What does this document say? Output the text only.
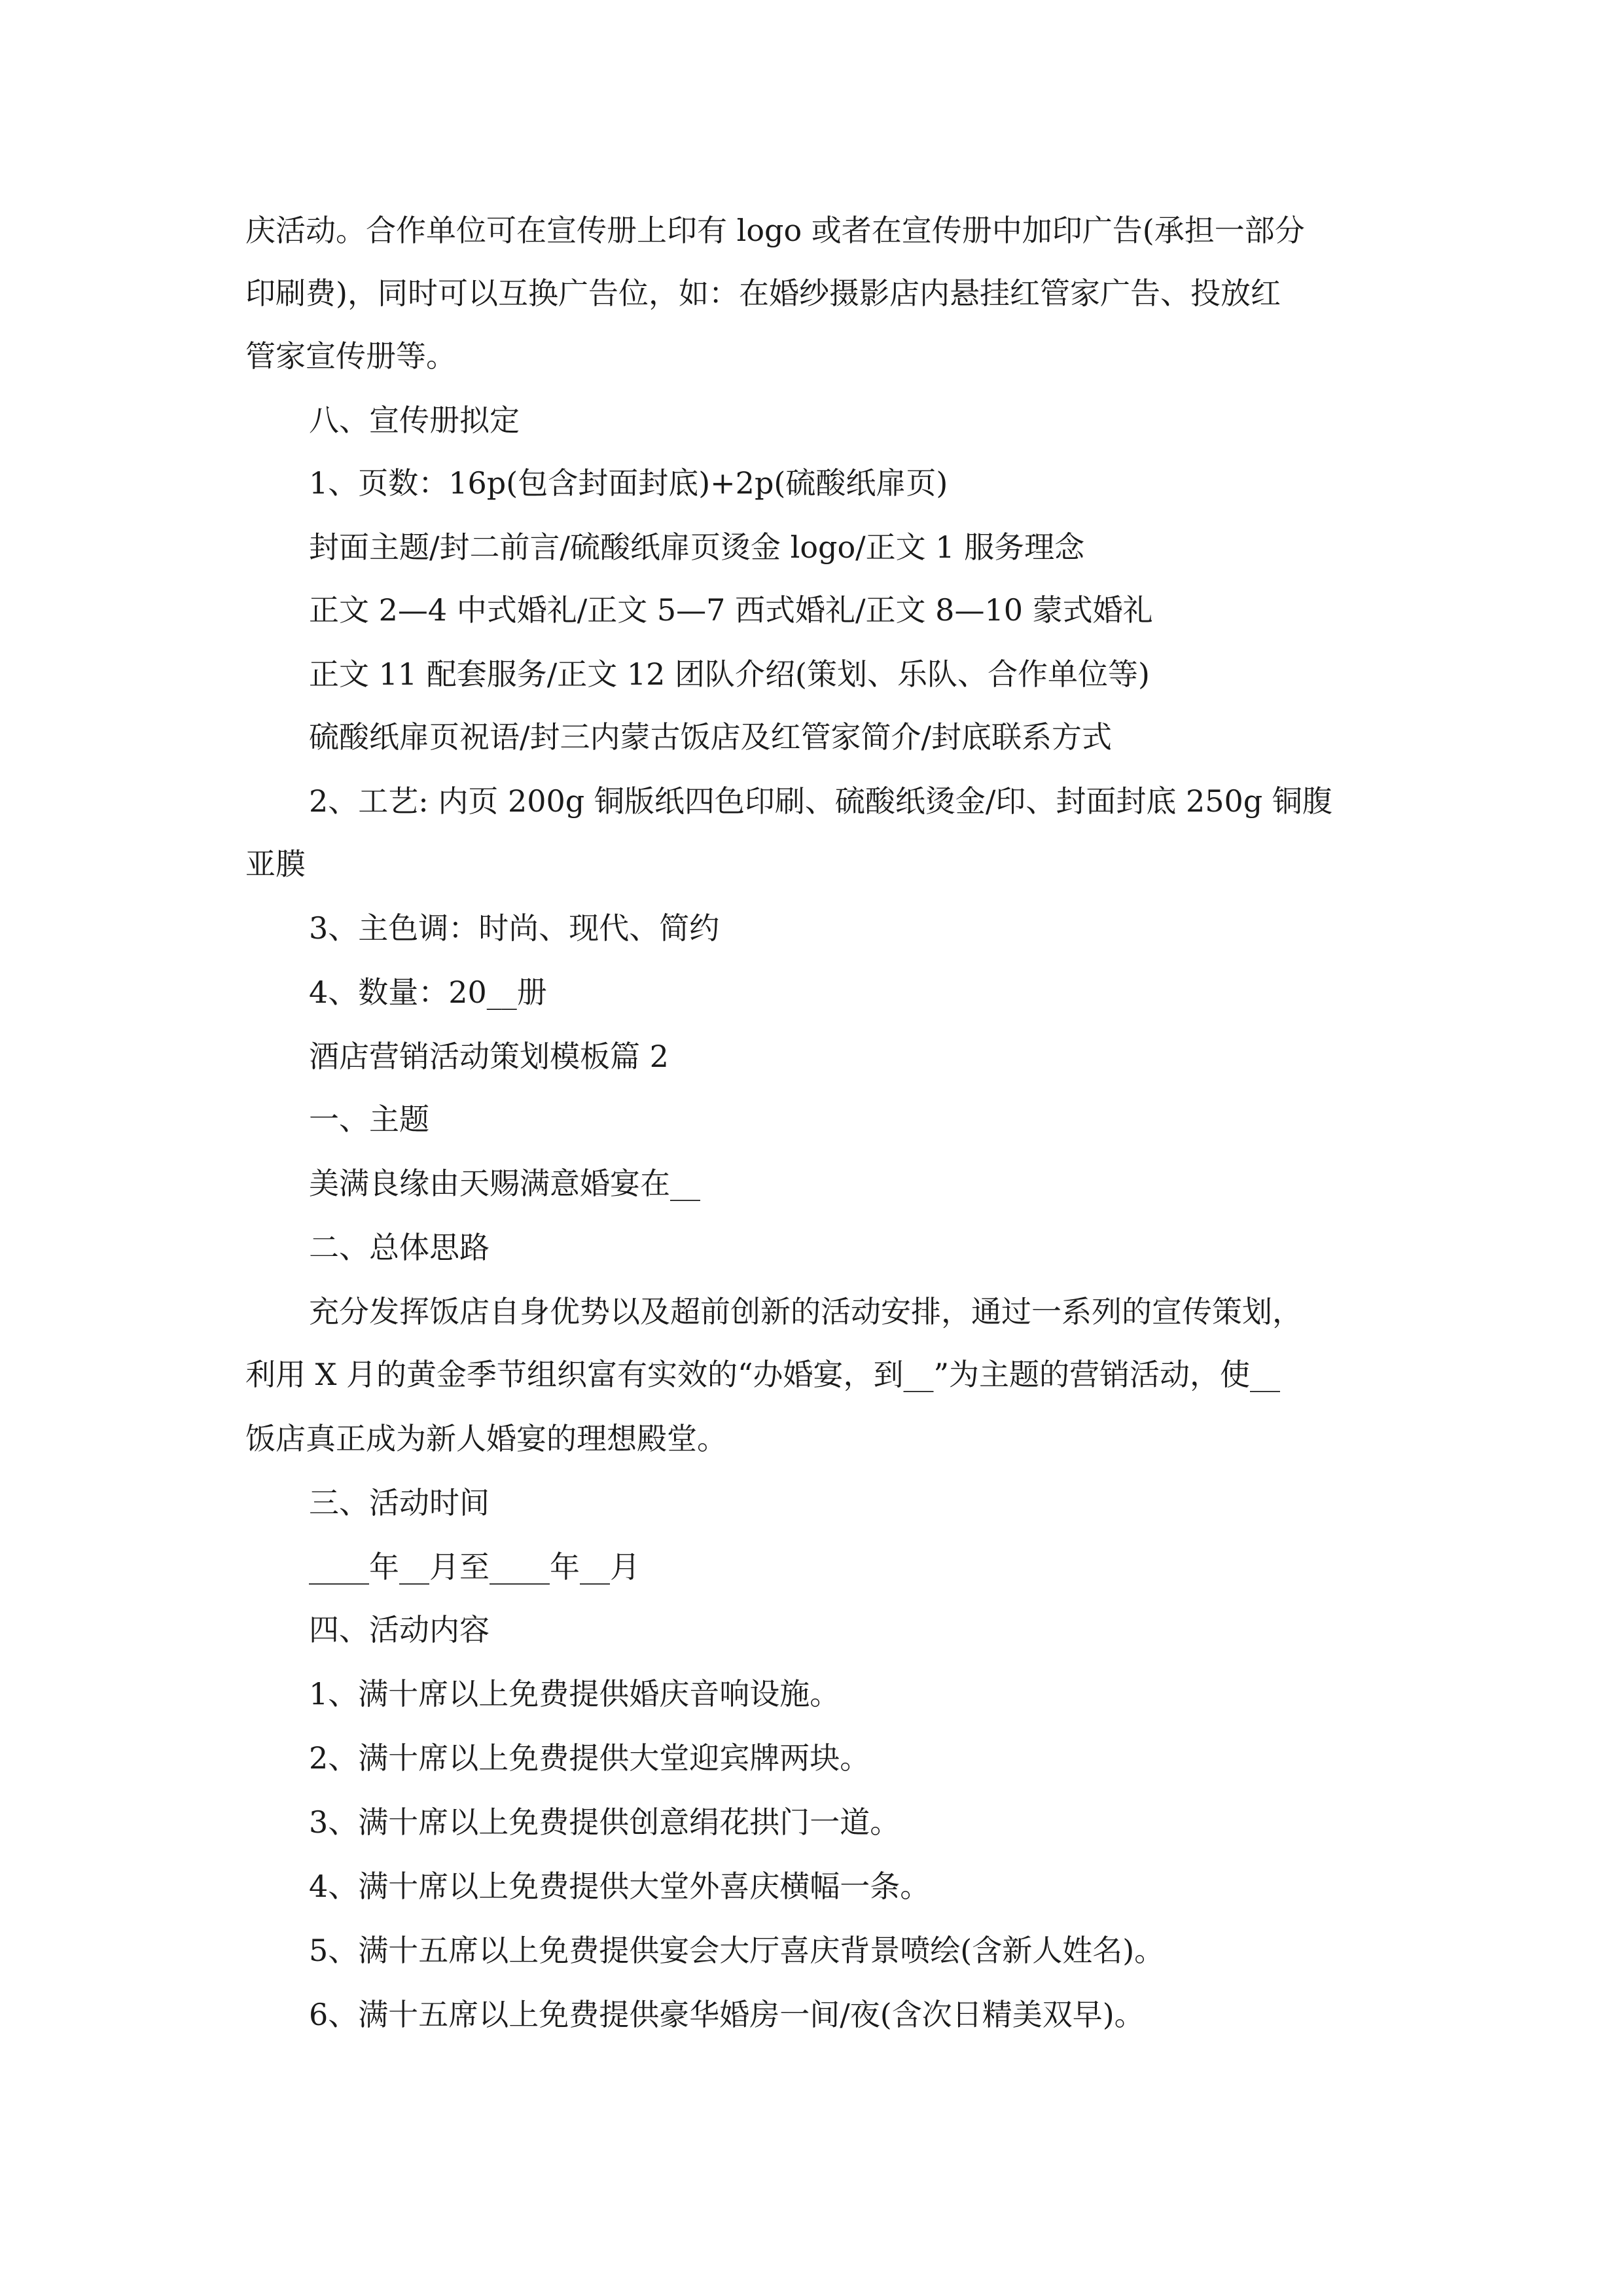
庆活动。合作单位可在宣传册上印有 logo 或者在宣传册中加印广告(承担一部分
印刷费)，同时可以互换广告位，如：在婚纱摄影店内悬挂红管家广告、投放红
管家宣传册等。
八、宣传册拟定
1、页数：16p(包含封面封底)+2p(硫酸纸扉页)
封面主题/封二前言/硫酸纸扉页烫金 logo/正文 1 服务理念
正文 2—4 中式婚礼/正文 5—7 西式婚礼/正文 8—10 蒙式婚礼
正文 11 配套服务/正文 12 团队介绍(策划、乐队、合作单位等)
硫酸纸扉页祝语/封三内蒙古饭店及红管家简介/封底联系方式
2、工艺: 内页 200g 铜版纸四色印刷、硫酸纸烫金/印、封面封底 250g 铜腹
亚膜
3、主色调：时尚、现代、简约
4、数量：20__册
酒店营销活动策划模板篇 2
一、主题
美满良缘由天赐满意婚宴在__
二、总体思路
充分发挥饭店自身优势以及超前创新的活动安排，通过一系列的宣传策划，
利用 X 月的黄金季节组织富有实效的“办婚宴，到__”为主题的营销活动，使__
饭店真正成为新人婚宴的理想殿堂。
三、活动时间
____年__月至____年__月
四、活动内容
1、满十席以上免费提供婚庆音响设施。
2、满十席以上免费提供大堂迎宾牌两块。
3、满十席以上免费提供创意绢花拱门一道。
4、满十席以上免费提供大堂外喜庆横幅一条。
5、满十五席以上免费提供宴会大厅喜庆背景喷绘(含新人姓名)。
6、满十五席以上免费提供豪华婚房一间/夜(含次日精美双早)。
